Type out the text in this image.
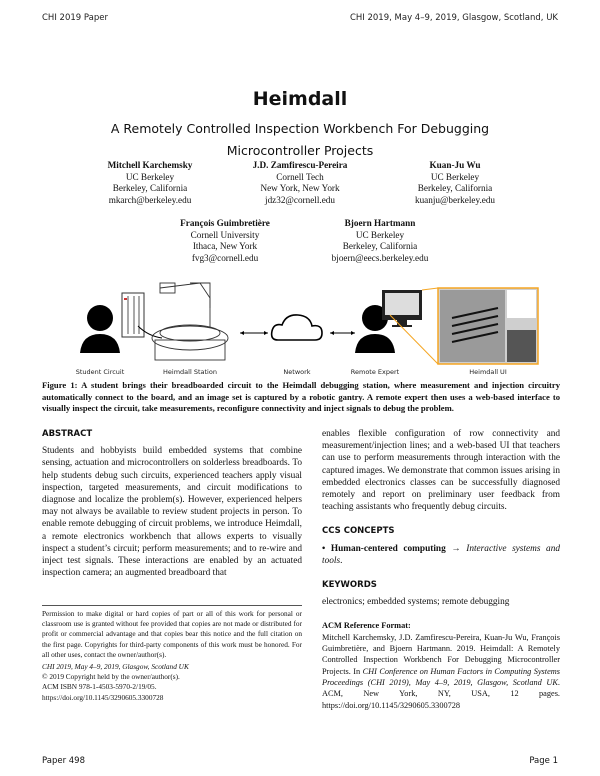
CHI 2019 Paper	CHI 2019, May 4–9, 2019, Glasgow, Scotland, UK
Heimdall
A Remotely Controlled Inspection Workbench For Debugging Microcontroller Projects
Mitchell Karchemsky
UC Berkeley
Berkeley, California
mkarch@berkeley.edu
J.D. Zamfirescu-Pereira
Cornell Tech
New York, New York
jdz32@cornell.edu
Kuan-Ju Wu
UC Berkeley
Berkeley, California
kuanju@berkeley.edu
François Guimbretière
Cornell University
Ithaca, New York
fvg3@cornell.edu
Bjoern Hartmann
UC Berkeley
Berkeley, California
bjoern@eecs.berkeley.edu
Student Circuit	Heimdall Station	Network	Remote Expert	Heimdall UI
Figure 1: A student brings their breadboarded circuit to the Heimdall debugging station, where measurement and injection circuitry automatically connect to the board, and an image set is captured by a robotic gantry. A remote expert then uses a web-based interface to visually inspect the circuit, take measurements, reconfigure connectivity and inject signals to debug the problem.
ABSTRACT

Students and hobbyists build embedded systems that combine sensing, actuation and microcontrollers on solderless breadboards. To help students debug such circuits, experienced teachers apply visual inspection, targeted measurements, and circuit modifications to diagnose and localize the problem(s). However, experienced helpers may not always be available to review student projects in person. To enable remote debugging of circuit problems, we introduce Heimdall, a remote electronics workbench that allows experts to visually inspect a student’s circuit; perform measurements; and to re-wire and inject test signals. These interactions are enabled by an actuated inspection camera; an augmented breadboard that

enables flexible configuration of row connectivity and measurement/injection lines; and a web-based UI that teachers can use to perform measurements through interaction with the captured images. We demonstrate that common issues arising in embedded electronics classes can be successfully diagnosed remotely and report on preliminary user feedback from teaching assistants who frequently debug circuits.

CCS CONCEPTS

• Human-centered computing → Interactive systems and tools.

KEYWORDS

electronics; embedded systems; remote debugging

ACM Reference Format:

Mitchell Karchemsky, J.D. Zamfirescu-Pereira, Kuan-Ju Wu, François Guimbretière, and Bjoern Hartmann. 2019. Heimdall: A Remotely Controlled Inspection Workbench For Debugging Microcontroller Projects. In CHI Conference on Human Factors in Computing Systems Proceedings (CHI 2019), May 4–9, 2019, Glasgow, Scotland UK. ACM, New York, NY, USA, 12 pages. https://doi.org/10.1145/3290605.3300728

Permission to make digital or hard copies of part or all of this work for personal or classroom use is granted without fee provided that copies are not made or distributed for profit or commercial advantage and that copies bear this notice and the full citation on the first page. Copyrights for third-party components of this work must be honored. For all other uses, contact the owner/author(s).

CHI 2019, May 4–9, 2019, Glasgow, Scotland UK

© 2019 Copyright held by the owner/author(s).

ACM ISBN 978-1-4503-5970-2/19/05.

https://doi.org/10.1145/3290605.3300728

Paper 498	Page 1
